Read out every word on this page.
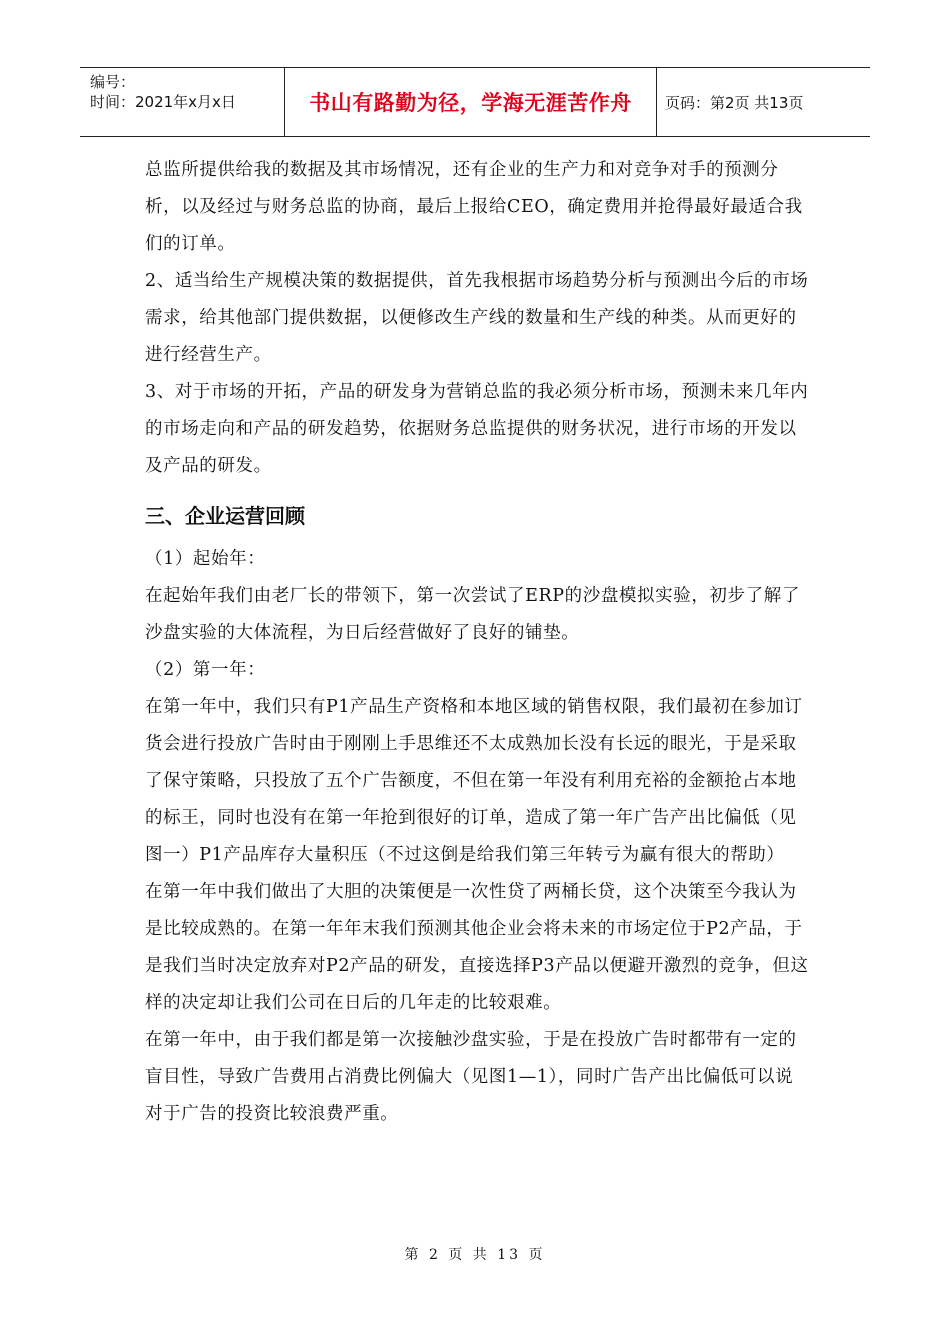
编号：
时间：2021年x月x日	书山有路勤为径，学海无涯苦作舟	页码：第2页 共13页

总监所提供给我的数据及其市场情况，还有企业的生产力和对竞争对手的预测分析，以及经过与财务总监的协商，最后上报给CEO，确定费用并抢得最好最适合我们的订单。

2、适当给生产规模决策的数据提供，首先我根据市场趋势分析与预测出今后的市场需求，给其他部门提供数据，以便修改生产线的数量和生产线的种类。从而更好的进行经营生产。

3、对于市场的开拓，产品的研发身为营销总监的我必须分析市场，预测未来几年内的市场走向和产品的研发趋势，依据财务总监提供的财务状况，进行市场的开发以及产品的研发。

三、企业运营回顾

（1）起始年：

在起始年我们由老厂长的带领下，第一次尝试了ERP的沙盘模拟实验，初步了解了沙盘实验的大体流程，为日后经营做好了良好的铺垫。

（2）第一年：

在第一年中，我们只有P1产品生产资格和本地区域的销售权限，我们最初在参加订货会进行投放广告时由于刚刚上手思维还不太成熟加长没有长远的眼光，于是采取了保守策略，只投放了五个广告额度，不但在第一年没有利用充裕的金额抢占本地的标王，同时也没有在第一年抢到很好的订单，造成了第一年广告产出比偏低（见图一）P1产品库存大量积压（不过这倒是给我们第三年转亏为赢有很大的帮助）

在第一年中我们做出了大胆的决策便是一次性贷了两桶长贷，这个决策至今我认为是比较成熟的。在第一年年末我们预测其他企业会将未来的市场定位于P2产品，于是我们当时决定放弃对P2产品的研发，直接选择P3产品以便避开激烈的竞争，但这样的决定却让我们公司在日后的几年走的比较艰难。

在第一年中，由于我们都是第一次接触沙盘实验，于是在投放广告时都带有一定的盲目性，导致广告费用占消费比例偏大（见图1—1），同时广告产出比偏低可以说对于广告的投资比较浪费严重。

第 2 页 共 13 页
